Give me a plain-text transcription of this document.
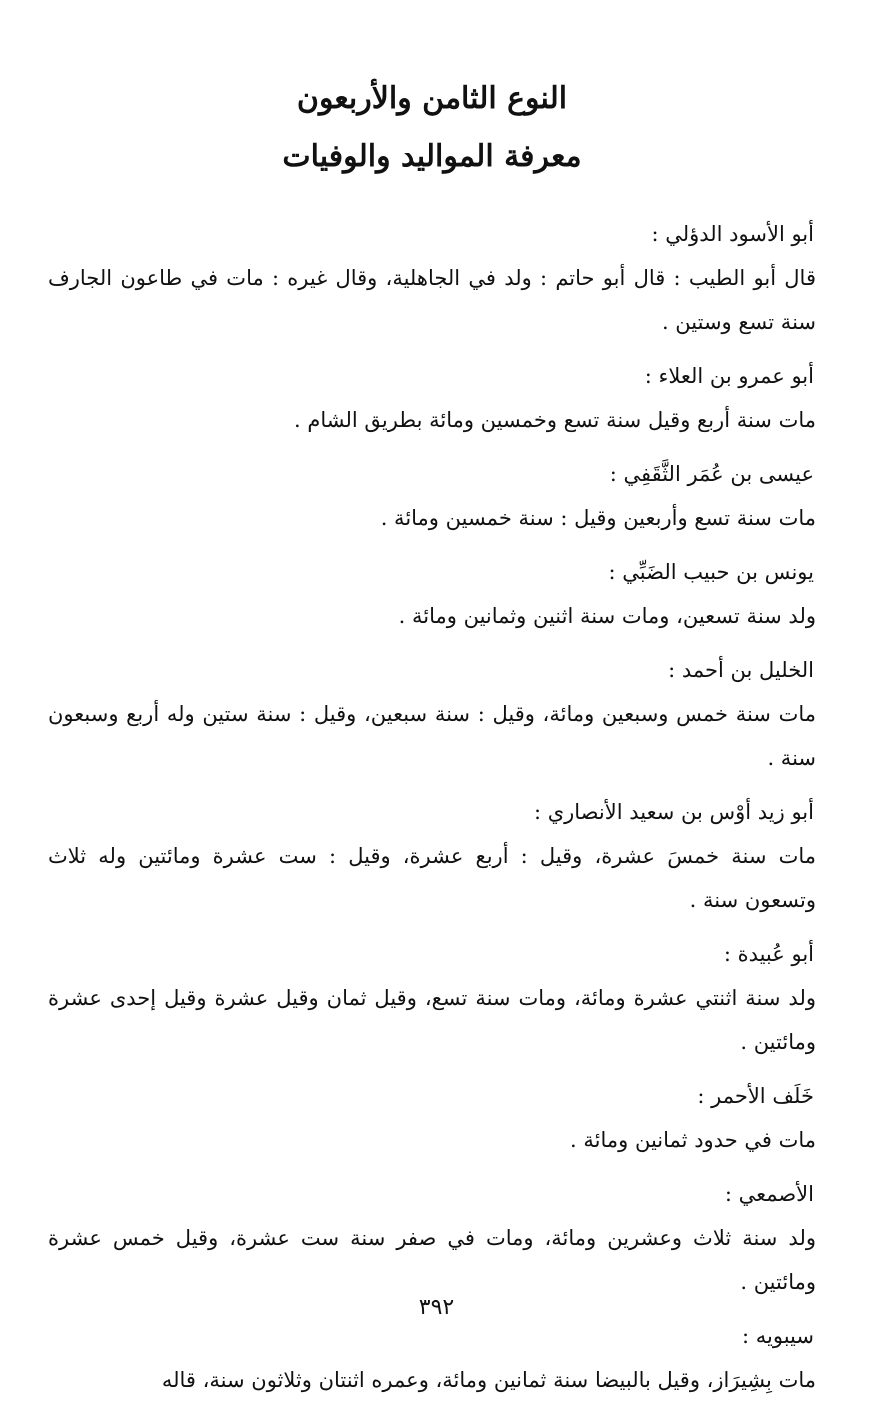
النوع الثامن والأربعون
معرفة المواليد والوفيات

أبو الأسود الدؤلي :

قال أبو الطيب : قال أبو حاتم : ولد في الجاهلية، وقال غيره : مات في طاعون الجارف سنة تسع وستين .

أبو عمرو بن العلاء :

مات سنة أربع وقيل سنة تسع وخمسين ومائة بطريق الشام .

عيسى بن عُمَر الثَّقَفِي :

مات سنة تسع وأربعين وقيل : سنة خمسين ومائة .

يونس بن حبيب الضَبِّي :

ولد سنة تسعين، ومات سنة اثنين وثمانين ومائة .

الخليل بن أحمد :

مات سنة خمس وسبعين ومائة، وقيل : سنة سبعين، وقيل : سنة ستين وله أربع وسبعون سنة .

أبو زيد أوْس بن سعيد الأنصاري :

مات سنة خمسَ عشرة، وقيل : أربع عشرة، وقيل : ست عشرة ومائتين وله ثلاث وتسعون سنة .

أبو عُبيدة :

ولد سنة اثنتي عشرة ومائة، ومات سنة تسع، وقيل ثمان وقيل عشرة وقيل إحدى عشرة ومائتين .

خَلَف الأحمر :

مات في حدود ثمانين ومائة .

الأصمعي :

ولد سنة ثلاث وعشرين ومائة، ومات في صفر سنة ست عشرة، وقيل خمس عشرة ومائتين .

سيبويه :

مات بِشِيرَاز، وقيل بالبيضا سنة ثمانين ومائة، وعمره اثنتان وثلاثون سنة، قاله

٣٩٢
